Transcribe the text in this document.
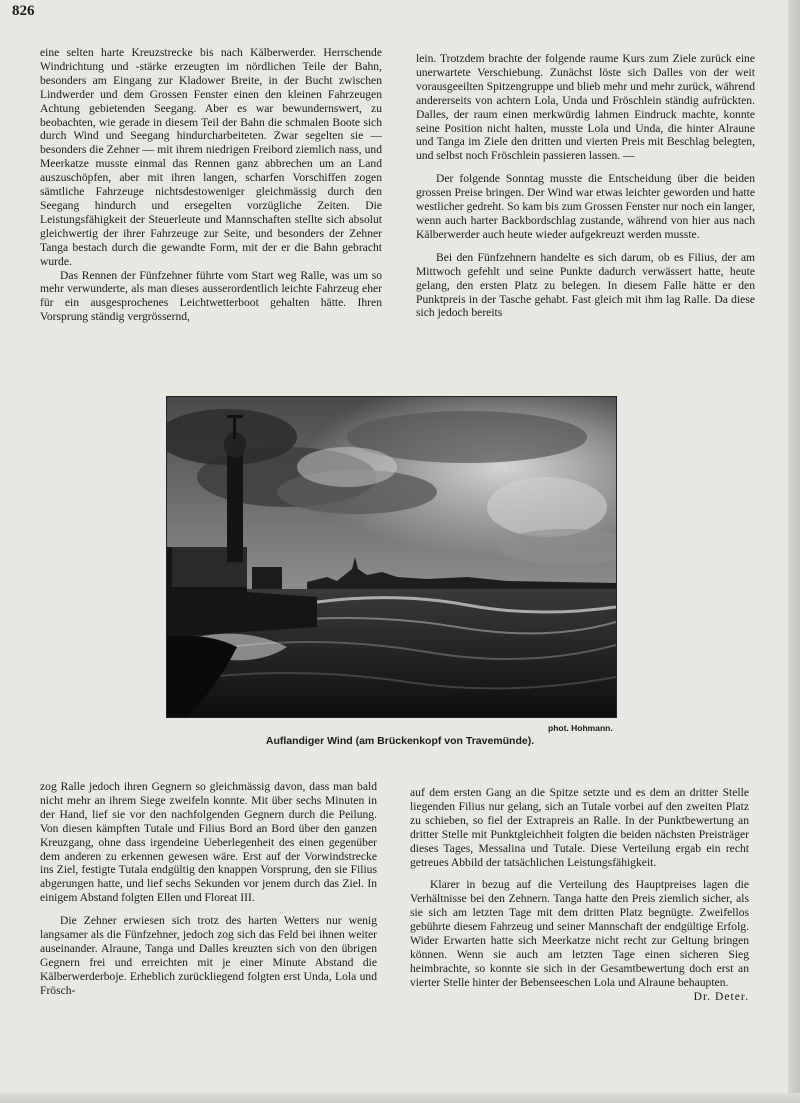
826

eine selten harte Kreuzstrecke bis nach Kälberwerder. Herrschende Windrichtung und -stärke erzeugten im nördlichen Teile der Bahn, besonders am Eingang zur Kladower Breite, in der Bucht zwischen Lindwerder und dem Grossen Fenster einen den kleinen Fahrzeugen Achtung gebietenden Seegang. Aber es war bewundernswert, zu beobachten, wie gerade in diesem Teil der Bahn die schmalen Boote sich durch Wind und Seegang hindurcharbeiteten. Zwar segelten sie — besonders die Zehner — mit ihrem niedrigen Freibord ziemlich nass, und Meerkatze musste einmal das Rennen ganz abbrechen um an Land auszuschöpfen, aber mit ihren langen, scharfen Vorschiffen zogen sämtliche Fahrzeuge nichtsdestoweniger gleichmässig durch den Seegang hindurch und ersegelten vorzügliche Zeiten. Die Leistungsfähigkeit der Steuerleute und Mannschaften stellte sich absolut gleichwertig der ihrer Fahrzeuge zur Seite, und besonders der Zehner Tanga bestach durch die gewandte Form, mit der er die Bahn gebracht wurde.

Das Rennen der Fünfzehner führte vom Start weg Ralle, was um so mehr verwunderte, als man dieses ausserordentlich leichte Fahrzeug eher für ein ausgesprochenes Leichtwetterboot gehalten hätte. Ihren Vorsprung ständig vergrössernd,

lein. Trotzdem brachte der folgende raume Kurs zum Ziele zurück eine unerwartete Verschiebung. Zunächst löste sich Dalles von der weit vorausgeeilten Spitzengruppe und blieb mehr und mehr zurück, während andererseits von achtern Lola, Unda und Fröschlein ständig aufrückten. Dalles, der raum einen merkwürdig lahmen Eindruck machte, konnte seine Position nicht halten, musste Lola und Unda, die hinter Alraune und Tanga im Ziele den dritten und vierten Preis mit Beschlag belegten, und selbst noch Fröschlein passieren lassen. —

Der folgende Sonntag musste die Entscheidung über die beiden grossen Preise bringen. Der Wind war etwas leichter geworden und hatte westlicher gedreht. So kam bis zum Grossen Fenster nur noch ein langer, wenn auch harter Backbordschlag zustande, während von hier aus nach Kälberwerder auch heute wieder aufgekreuzt werden musste.

Bei den Fünfzehnern handelte es sich darum, ob es Filius, der am Mittwoch gefehlt und seine Punkte dadurch verwässert hatte, heute gelang, den ersten Platz zu belegen. In diesem Falle hätte er den Punktpreis in der Tasche gehabt. Fast gleich mit ihm lag Ralle. Da diese sich jedoch bereits

phot. Hohmann.
Auflandiger Wind (am Brückenkopf von Travemünde).

zog Ralle jedoch ihren Gegnern so gleichmässig davon, dass man bald nicht mehr an ihrem Siege zweifeln konnte. Mit über sechs Minuten in der Hand, lief sie vor den nachfolgenden Gegnern durch die Peilung. Von diesen kämpften Tutale und Filius Bord an Bord über den ganzen Kreuzgang, ohne dass irgendeine Ueberlegenheit des einen gegenüber dem anderen zu erkennen gewesen wäre. Erst auf der Vorwindstrecke ins Ziel, festigte Tutala endgültig den knappen Vorsprung, den sie Filius abgerungen hatte, und lief sechs Sekunden vor jenem durch das Ziel. In einigem Abstand folgten Ellen und Floreat III.

Die Zehner erwiesen sich trotz des harten Wetters nur wenig langsamer als die Fünfzehner, jedoch zog sich das Feld bei ihnen weiter auseinander. Alraune, Tanga und Dalles kreuzten sich von den übrigen Gegnern frei und erreichten mit je einer Minute Abstand die Kälberwerderboje. Erheblich zurückliegend folgten erst Unda, Lola und Frösch-

auf dem ersten Gang an die Spitze setzte und es dem an dritter Stelle liegenden Filius nur gelang, sich an Tutale vorbei auf den zweiten Platz zu schieben, so fiel der Extrapreis an Ralle. In der Punktbewertung an dritter Stelle mit Punktgleichheit folgten die beiden nächsten Preisträger dieses Tages, Messalina und Tutale. Diese Verteilung ergab ein recht getreues Abbild der tatsächlichen Leistungsfähigkeit.

Klarer in bezug auf die Verteilung des Hauptpreises lagen die Verhältnisse bei den Zehnern. Tanga hatte den Preis ziemlich sicher, als sie sich am letzten Tage mit dem dritten Platz begnügte. Zweifellos gebührte diesem Fahrzeug und seiner Mannschaft der endgültige Erfolg. Wider Erwarten hatte sich Meerkatze nicht recht zur Geltung bringen können. Wenn sie auch am letzten Tage einen sicheren Sieg heimbrachte, so konnte sie sich in der Gesamtbewertung doch erst an vierter Stelle hinter der Bebenseeschen Lola und Alraune behaupten.

Dr. Deter.
